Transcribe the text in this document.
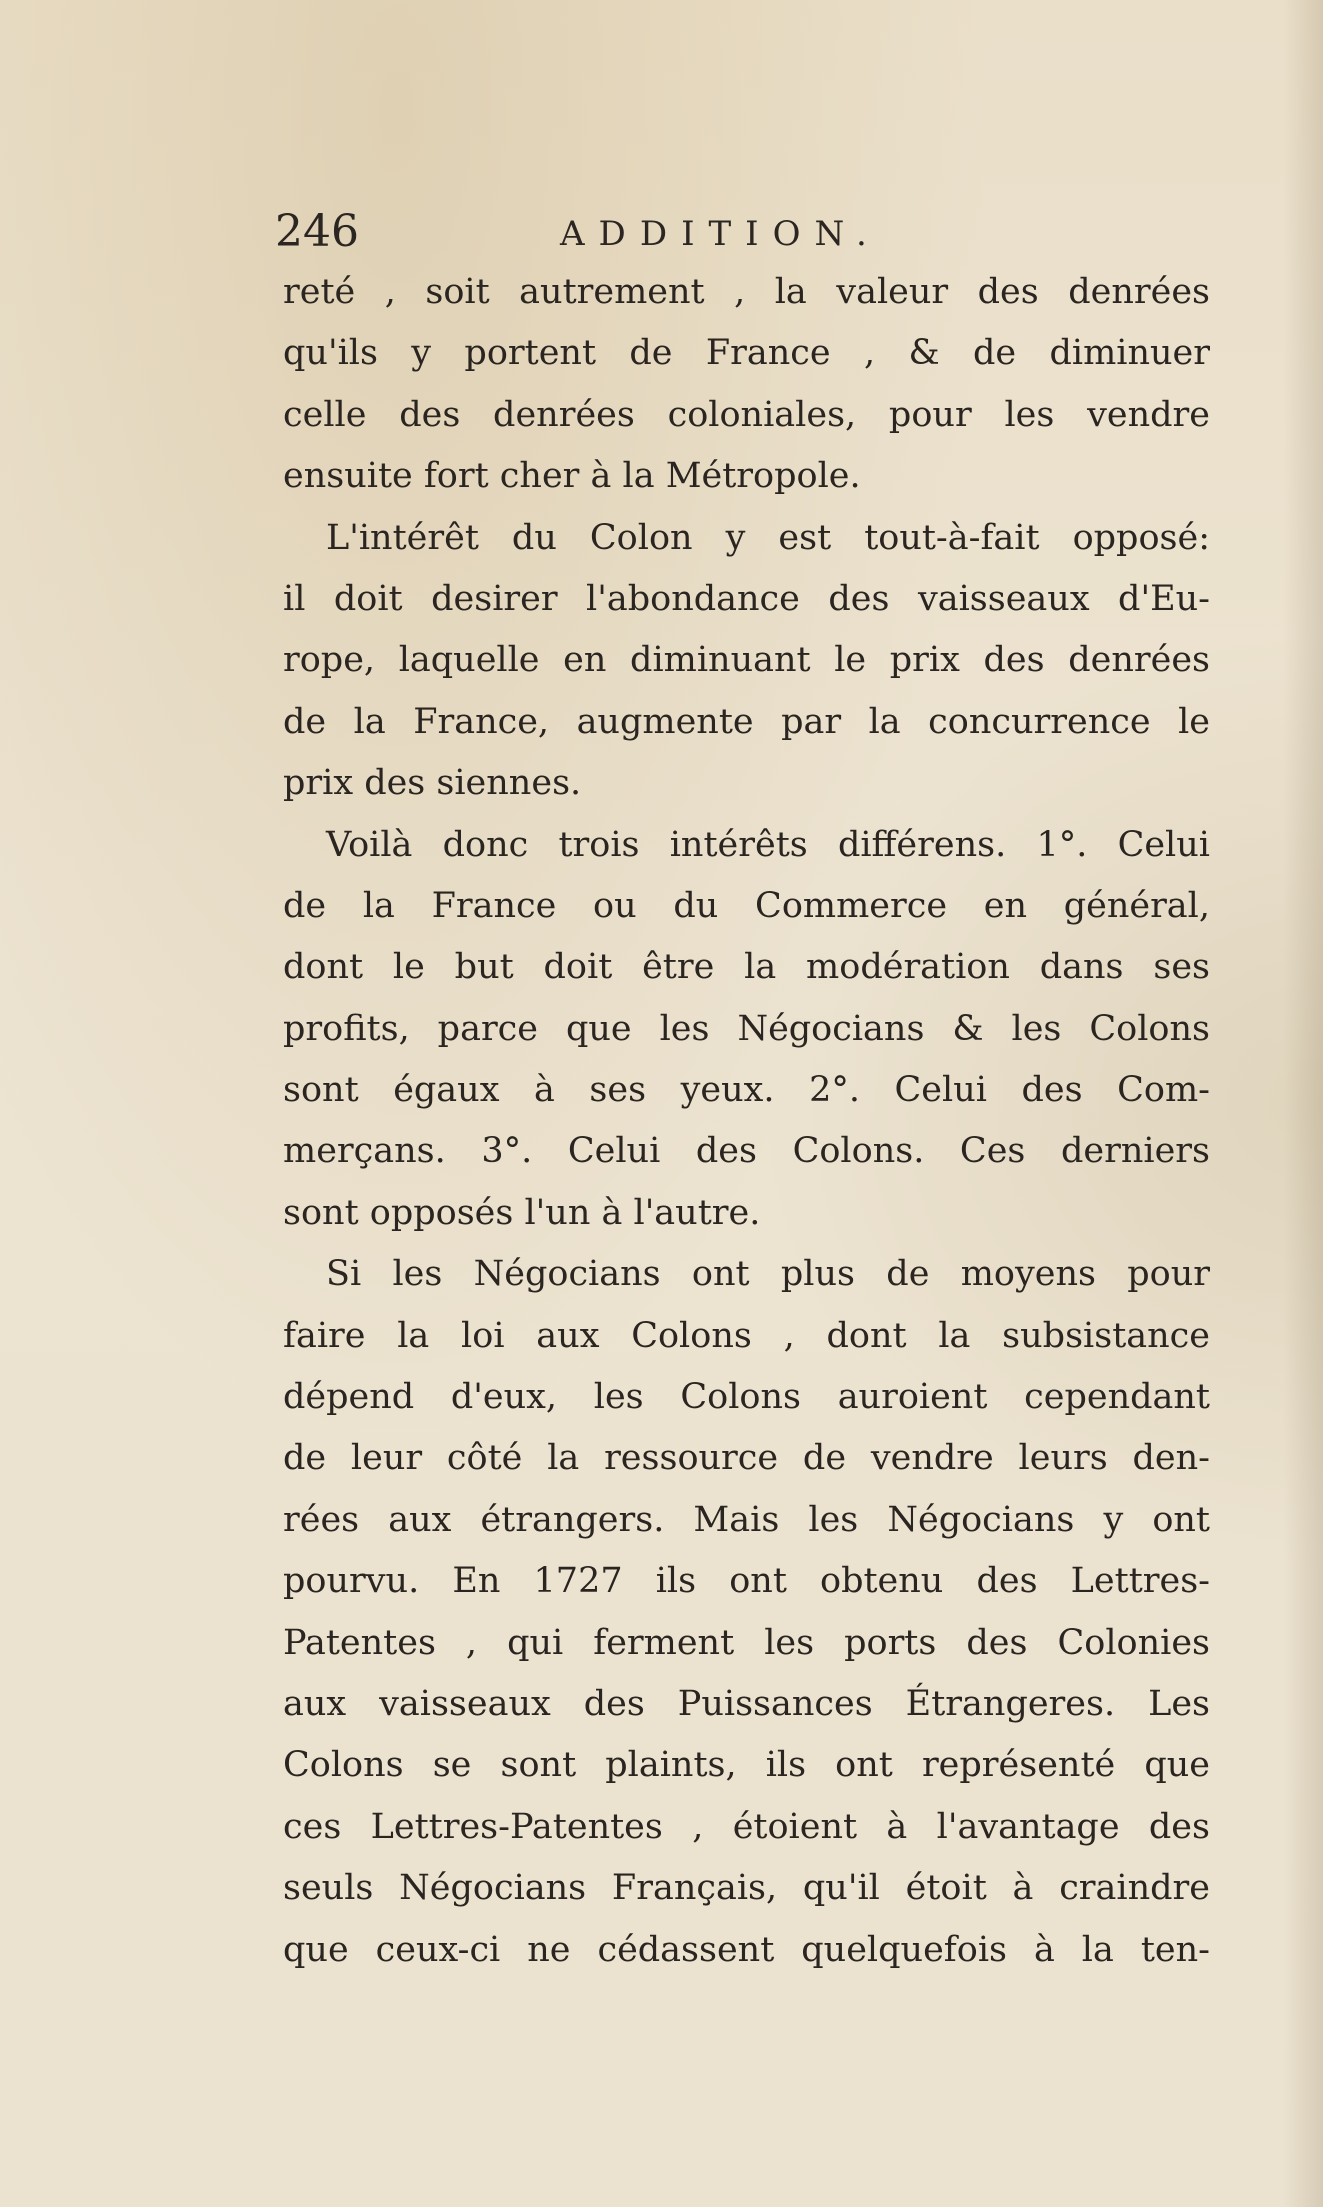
246	ADDITION.
reté , soit autrement , la valeur des denrées
qu'ils y portent de France , & de diminuer
celle des denrées coloniales, pour les vendre
ensuite fort cher à la Métropole.
L'intérêt du Colon y est tout-à-fait opposé:
il doit desirer l'abondance des vaisseaux d'Eu-
rope, laquelle en diminuant le prix des denrées
de la France, augmente par la concurrence le
prix des siennes.
Voilà donc trois intérêts différens. 1°. Celui
de la France ou du Commerce en général,
dont le but doit être la modération dans ses
profits, parce que les Négocians & les Colons
sont égaux à ses yeux. 2°. Celui des Com-
merçans. 3°. Celui des Colons. Ces derniers
sont opposés l'un à l'autre.
Si les Négocians ont plus de moyens pour
faire la loi aux Colons , dont la subsistance
dépend d'eux, les Colons auroient cependant
de leur côté la ressource de vendre leurs den-
rées aux étrangers. Mais les Négocians y ont
pourvu. En 1727 ils ont obtenu des Lettres-
Patentes , qui ferment les ports des Colonies
aux vaisseaux des Puissances Étrangeres. Les
Colons se sont plaints, ils ont représenté que
ces Lettres-Patentes , étoient à l'avantage des
seuls Négocians Français, qu'il étoit à craindre
que ceux-ci ne cédassent quelquefois à la ten-
